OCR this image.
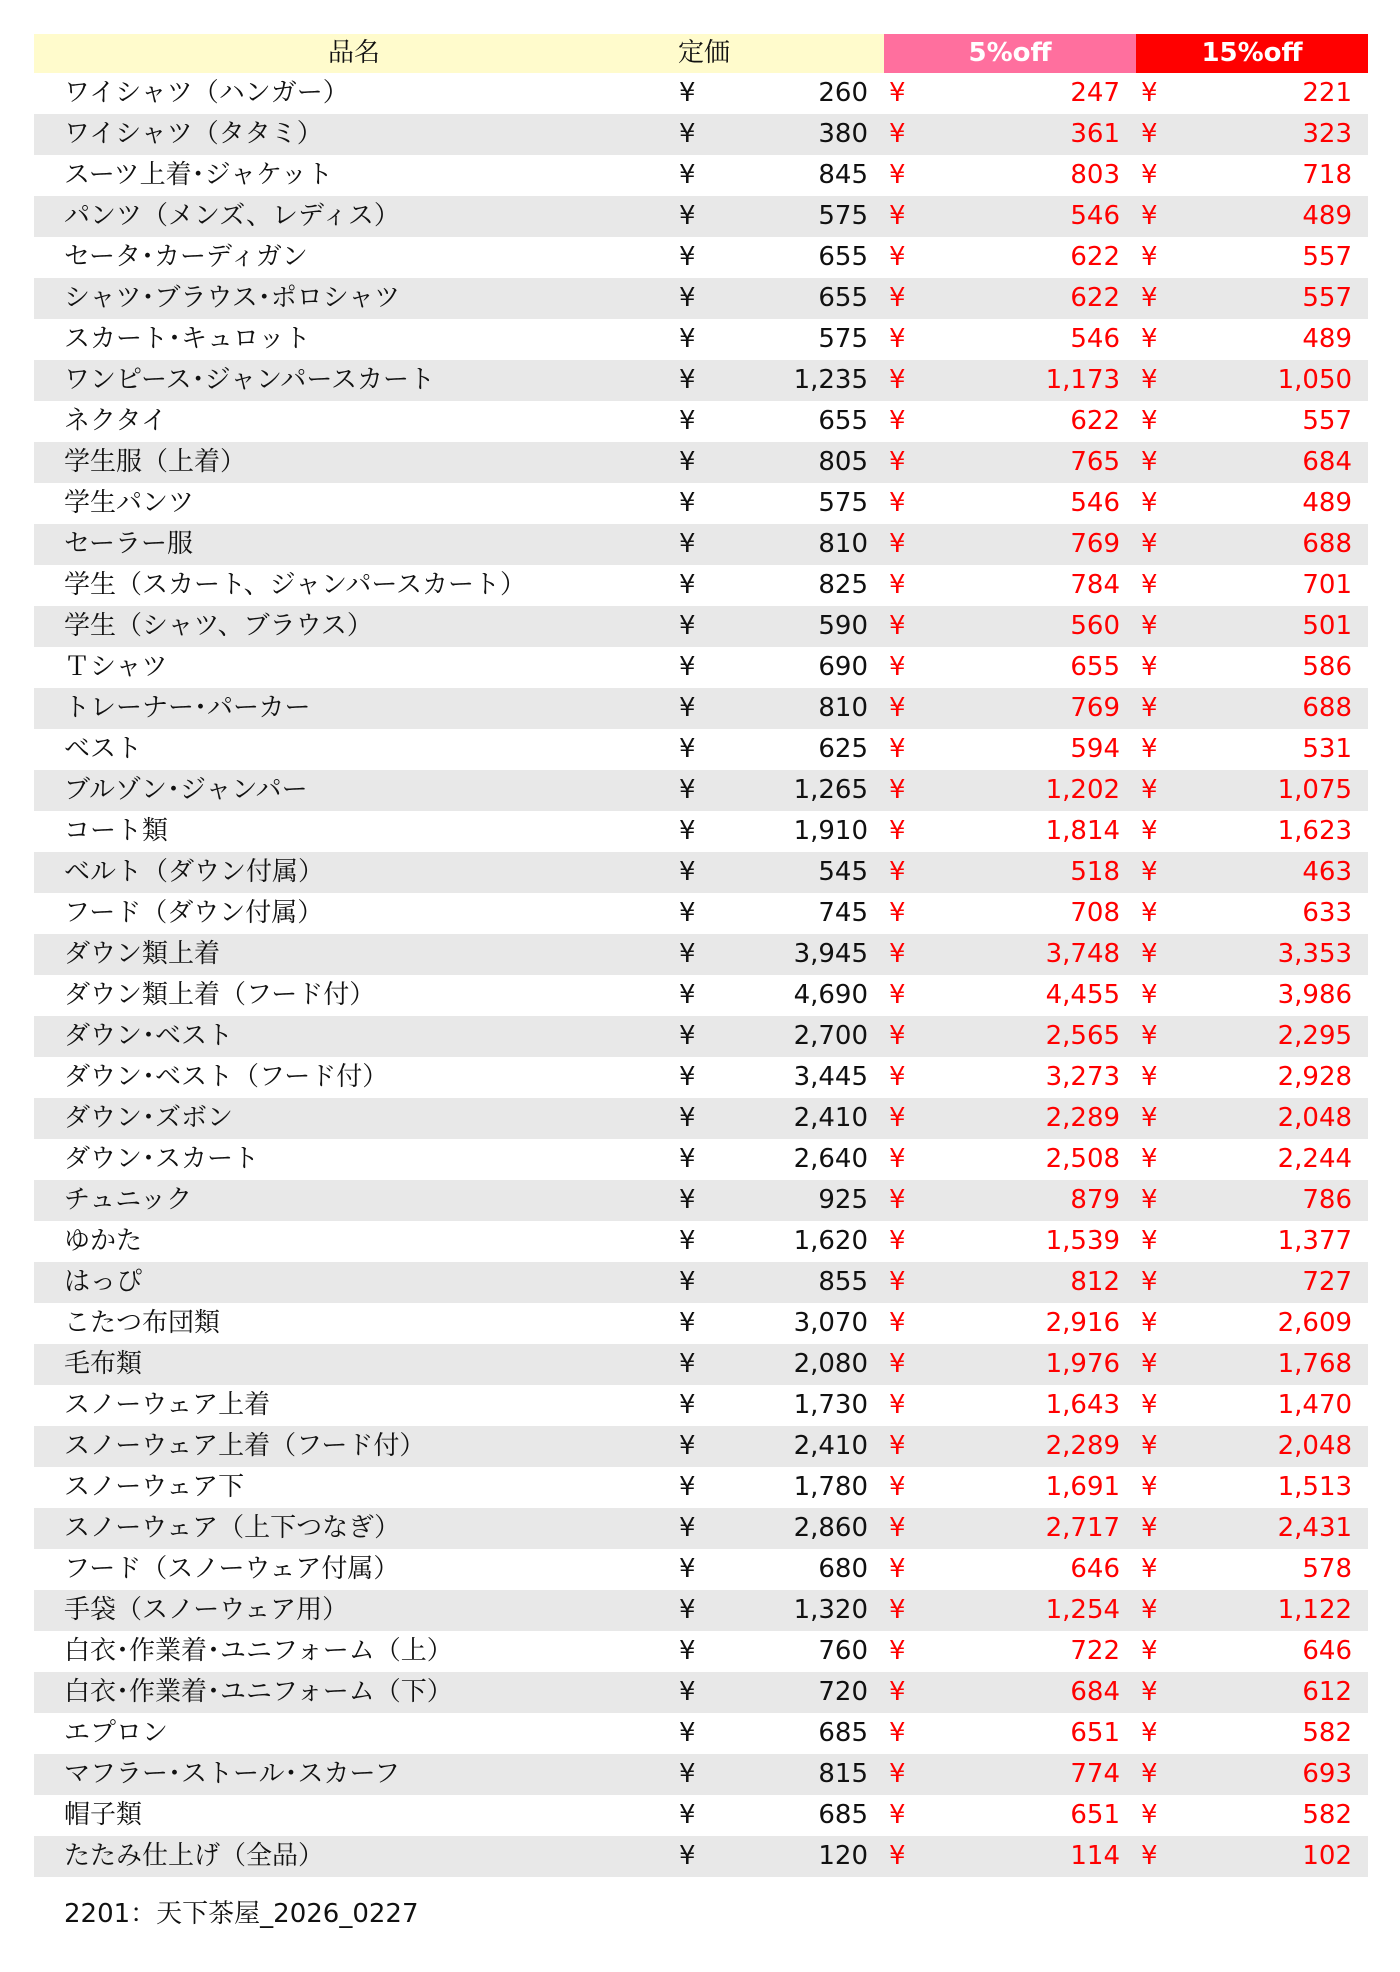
品名	定価		5%off		15%off	
ワイシャツ（ハンガー）	¥	260	¥	247	¥	221
ワイシャツ（タタミ）	¥	380	¥	361	¥	323
スーツ上着･ジャケット	¥	845	¥	803	¥	718
パンツ（メンズ、レディス）	¥	575	¥	546	¥	489
セータ･カーディガン	¥	655	¥	622	¥	557
シャツ･ブラウス･ポロシャツ	¥	655	¥	622	¥	557
スカート･キュロット	¥	575	¥	546	¥	489
ワンピース･ジャンパースカート	¥	1,235	¥	1,173	¥	1,050
ネクタイ	¥	655	¥	622	¥	557
学生服（上着）	¥	805	¥	765	¥	684
学生パンツ	¥	575	¥	546	¥	489
セーラー服	¥	810	¥	769	¥	688
学生（スカート、ジャンパースカート）	¥	825	¥	784	¥	701
学生（シャツ、ブラウス）	¥	590	¥	560	¥	501
Ｔシャツ	¥	690	¥	655	¥	586
トレーナー･パーカー	¥	810	¥	769	¥	688
ベスト	¥	625	¥	594	¥	531
ブルゾン･ジャンパー	¥	1,265	¥	1,202	¥	1,075
コート類	¥	1,910	¥	1,814	¥	1,623
ベルト（ダウン付属）	¥	545	¥	518	¥	463
フード（ダウン付属）	¥	745	¥	708	¥	633
ダウン類上着	¥	3,945	¥	3,748	¥	3,353
ダウン類上着（フード付）	¥	4,690	¥	4,455	¥	3,986
ダウン･ベスト	¥	2,700	¥	2,565	¥	2,295
ダウン･ベスト（フード付）	¥	3,445	¥	3,273	¥	2,928
ダウン･ズボン	¥	2,410	¥	2,289	¥	2,048
ダウン･スカート	¥	2,640	¥	2,508	¥	2,244
チュニック	¥	925	¥	879	¥	786
ゆかた	¥	1,620	¥	1,539	¥	1,377
はっぴ	¥	855	¥	812	¥	727
こたつ布団類	¥	3,070	¥	2,916	¥	2,609
毛布類	¥	2,080	¥	1,976	¥	1,768
スノーウェア上着	¥	1,730	¥	1,643	¥	1,470
スノーウェア上着（フード付）	¥	2,410	¥	2,289	¥	2,048
スノーウェア下	¥	1,780	¥	1,691	¥	1,513
スノーウェア（上下つなぎ）	¥	2,860	¥	2,717	¥	2,431
フード（スノーウェア付属）	¥	680	¥	646	¥	578
手袋（スノーウェア用）	¥	1,320	¥	1,254	¥	1,122
白衣･作業着･ユニフォーム（上）	¥	760	¥	722	¥	646
白衣･作業着･ユニフォーム（下）	¥	720	¥	684	¥	612
エプロン	¥	685	¥	651	¥	582
マフラー･ストール･スカーフ	¥	815	¥	774	¥	693
帽子類	¥	685	¥	651	¥	582
たたみ仕上げ（全品）	¥	120	¥	114	¥	102
2201：天下茶屋_2026_0227
